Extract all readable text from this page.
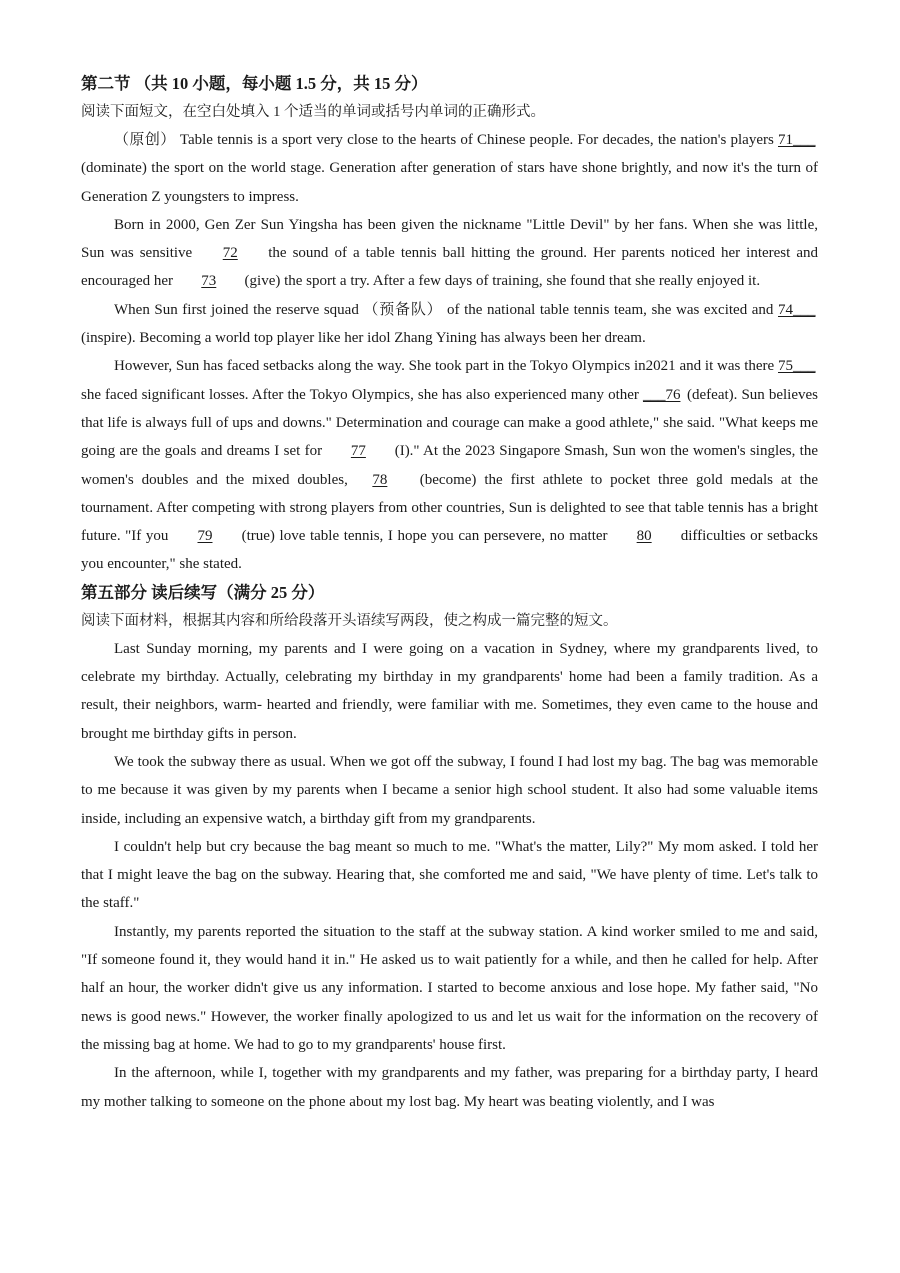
第二节 （共 10 小题，每小题 1.5 分，共 15 分）

阅读下面短文，在空白处填入 1 个适当的单词或括号内单词的正确形式。

（原创） Table tennis is a sport very close to the hearts of Chinese people. For decades, the nation's players 71___ (dominate) the sport on the world stage. Generation after generation of stars have shone brightly, and now it's the turn of Generation Z youngsters to impress.

Born in 2000, Gen Zer Sun Yingsha has been given the nickname "Little Devil" by her fans. When she was little, Sun was sensitive 72 the sound of a table tennis ball hitting the ground. Her parents noticed her interest and encouraged her 73 (give) the sport a try. After a few days of training, she found that she really enjoyed it.

When Sun first joined the reserve squad （预备队） of the national table tennis team, she was excited and 74___ (inspire). Becoming a world top player like her idol Zhang Yining has always been her dream.

However, Sun has faced setbacks along the way. She took part in the Tokyo Olympics in2021 and it was there 75___ she faced significant losses. After the Tokyo Olympics, she has also experienced many other ___76 (defeat). Sun believes that life is always full of ups and downs." Determination and courage can make a good athlete," she said. "What keeps me going are the goals and dreams I set for 77 (I)." At the 2023 Singapore Smash, Sun won the women's singles, the women's doubles and the mixed doubles, 78 (become) the first athlete to pocket three gold medals at the tournament. After competing with strong players from other countries, Sun is delighted to see that table tennis has a bright future. "If you 79 (true) love table tennis, I hope you can persevere, no matter 80 difficulties or setbacks you encounter," she stated.

第五部分 读后续写（满分 25 分）

阅读下面材料，根据其内容和所给段落开头语续写两段，使之构成一篇完整的短文。

Last Sunday morning, my parents and I were going on a vacation in Sydney, where my grandparents lived, to celebrate my birthday. Actually, celebrating my birthday in my grandparents' home had been a family tradition. As a result, their neighbors, warm- hearted and friendly, were familiar with me. Sometimes, they even came to the house and brought me birthday gifts in person.

We took the subway there as usual. When we got off the subway, I found I had lost my bag. The bag was memorable to me because it was given by my parents when I became a senior high school student. It also had some valuable items inside, including an expensive watch, a birthday gift from my grandparents.

I couldn't help but cry because the bag meant so much to me. "What's the matter, Lily?" My mom asked. I told her that I might leave the bag on the subway. Hearing that, she comforted me and said, "We have plenty of time. Let's talk to the staff."

Instantly, my parents reported the situation to the staff at the subway station. A kind worker smiled to me and said, "If someone found it, they would hand it in." He asked us to wait patiently for a while, and then he called for help. After half an hour, the worker didn't give us any information. I started to become anxious and lose hope. My father said, "No news is good news." However, the worker finally apologized to us and let us wait for the information on the recovery of the missing bag at home. We had to go to my grandparents' house first.

In the afternoon, while I, together with my grandparents and my father, was preparing for a birthday party, I heard my mother talking to someone on the phone about my lost bag. My heart was beating violently, and I was
